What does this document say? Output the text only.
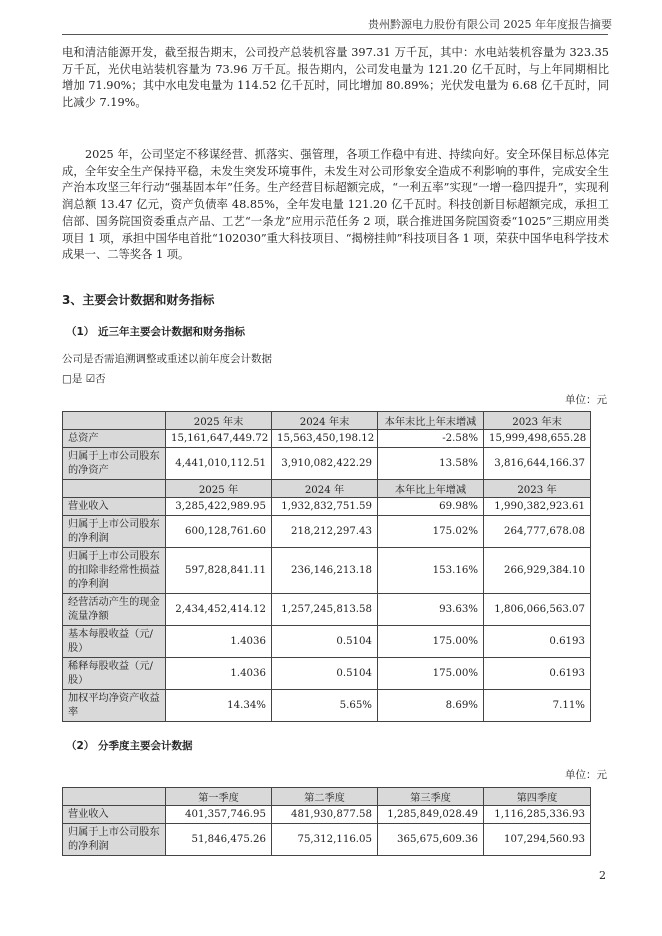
贵州黔源电力股份有限公司 2025 年年度报告摘要

电和清洁能源开发，截至报告期末，公司投产总装机容量 397.31 万千瓦，其中：水电站装机容量为 323.35 万千瓦，光伏电站装机容量为 73.96 万千瓦。报告期内，公司发电量为 121.20 亿千瓦时，与上年同期相比增加 71.90%；其中水电发电量为 114.52 亿千瓦时，同比增加 80.89%；光伏发电量为 6.68 亿千瓦时，同比减少 7.19%。

2025 年，公司坚定不移谋经营、抓落实、强管理，各项工作稳中有进、持续向好。安全环保目标总体完成，全年安全生产保持平稳，未发生突发环境事件，未发生对公司形象安全造成不利影响的事件，完成安全生产治本攻坚三年行动“强基固本年”任务。生产经营目标超额完成，“一利五率”实现“一增一稳四提升”，实现利润总额 13.47 亿元，资产负债率 48.85%，全年发电量 121.20 亿千瓦时。科技创新目标超额完成，承担工信部、国务院国资委重点产品、工艺“一条龙”应用示范任务 2 项，联合推进国务院国资委“1025”三期应用类项目 1 项，承担中国华电首批“102030”重大科技项目、“揭榜挂帅”科技项目各 1 项，荣获中国华电科学技术成果一、二等奖各 1 项。

3、主要会计数据和财务指标
（1） 近三年主要会计数据和财务指标
公司是否需追溯调整或重述以前年度会计数据
□是 ☑否
单位：元
	2025 年末	2024 年末	本年末比上年末增减	2023 年末
总资产	15,161,647,449.72	15,563,450,198.12	-2.58%	15,999,498,655.28
归属于上市公司股东的净资产	4,441,010,112.51	3,910,082,422.29	13.58%	3,816,644,166.37
	2025 年	2024 年	本年比上年增减	2023 年
营业收入	3,285,422,989.95	1,932,832,751.59	69.98%	1,990,382,923.61
归属于上市公司股东的净利润	600,128,761.60	218,212,297.43	175.02%	264,777,678.08
归属于上市公司股东的扣除非经常性损益的净利润	597,828,841.11	236,146,213.18	153.16%	266,929,384.10
经营活动产生的现金流量净额	2,434,452,414.12	1,257,245,813.58	93.63%	1,806,066,563.07
基本每股收益（元/股）	1.4036	0.5104	175.00%	0.6193
稀释每股收益（元/股）	1.4036	0.5104	175.00%	0.6193
加权平均净资产收益率	14.34%	5.65%	8.69%	7.11%
（2） 分季度主要会计数据
单位：元
	第一季度	第二季度	第三季度	第四季度
营业收入	401,357,746.95	481,930,877.58	1,285,849,028.49	1,116,285,336.93
归属于上市公司股东的净利润	51,846,475.26	75,312,116.05	365,675,609.36	107,294,560.93
2
